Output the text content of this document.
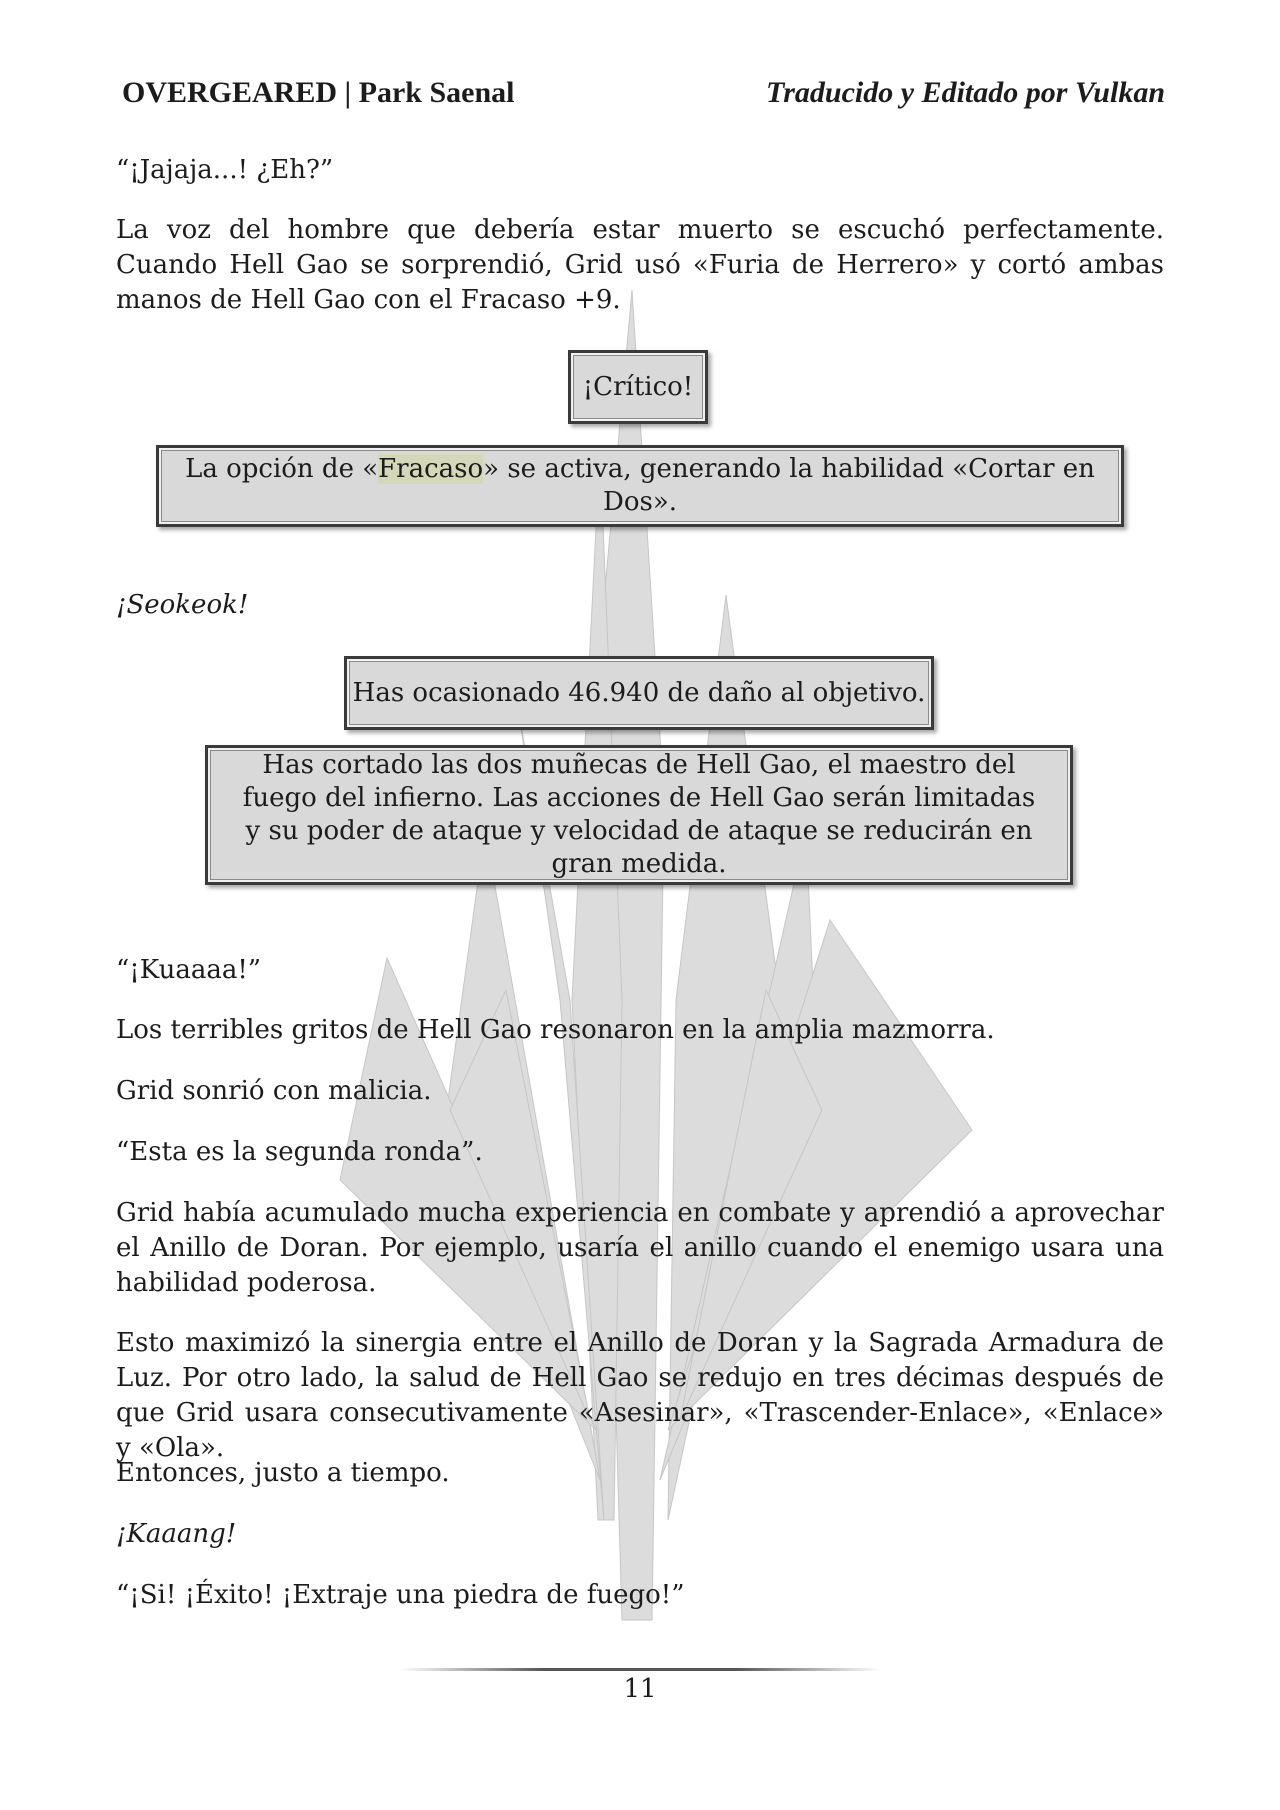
OVERGEARED | Park Saenal	Traducido y Editado por Vulkan

“¡Jajaja...! ¿Eh?”

La voz del hombre que debería estar muerto se escuchó perfectamente. Cuando Hell Gao se sorprendió, Grid usó «Furia de Herrero» y cortó ambas manos de Hell Gao con el Fracaso +9.

¡Crítico!
La opción de «Fracaso» se activa, generando la habilidad «Cortar en Dos».

¡Seokeok!

Has ocasionado 46.940 de daño al objetivo.
Has cortado las dos muñecas de Hell Gao, el maestro del fuego del infierno. Las acciones de Hell Gao serán limitadas y su poder de ataque y velocidad de ataque se reducirán en gran medida.

“¡Kuaaaa!”

Los terribles gritos de Hell Gao resonaron en la amplia mazmorra.

Grid sonrió con malicia.

“Esta es la segunda ronda”.

Grid había acumulado mucha experiencia en combate y aprendió a aprovechar el Anillo de Doran. Por ejemplo, usaría el anillo cuando el enemigo usara una habilidad poderosa.

Esto maximizó la sinergia entre el Anillo de Doran y la Sagrada Armadura de Luz. Por otro lado, la salud de Hell Gao se redujo en tres décimas después de que Grid usara consecutivamente «Asesinar», «Trascender-Enlace», «Enlace» y «Ola».

Entonces, justo a tiempo.

¡Kaaang!

“¡Si! ¡Éxito! ¡Extraje una piedra de fuego!”

11
